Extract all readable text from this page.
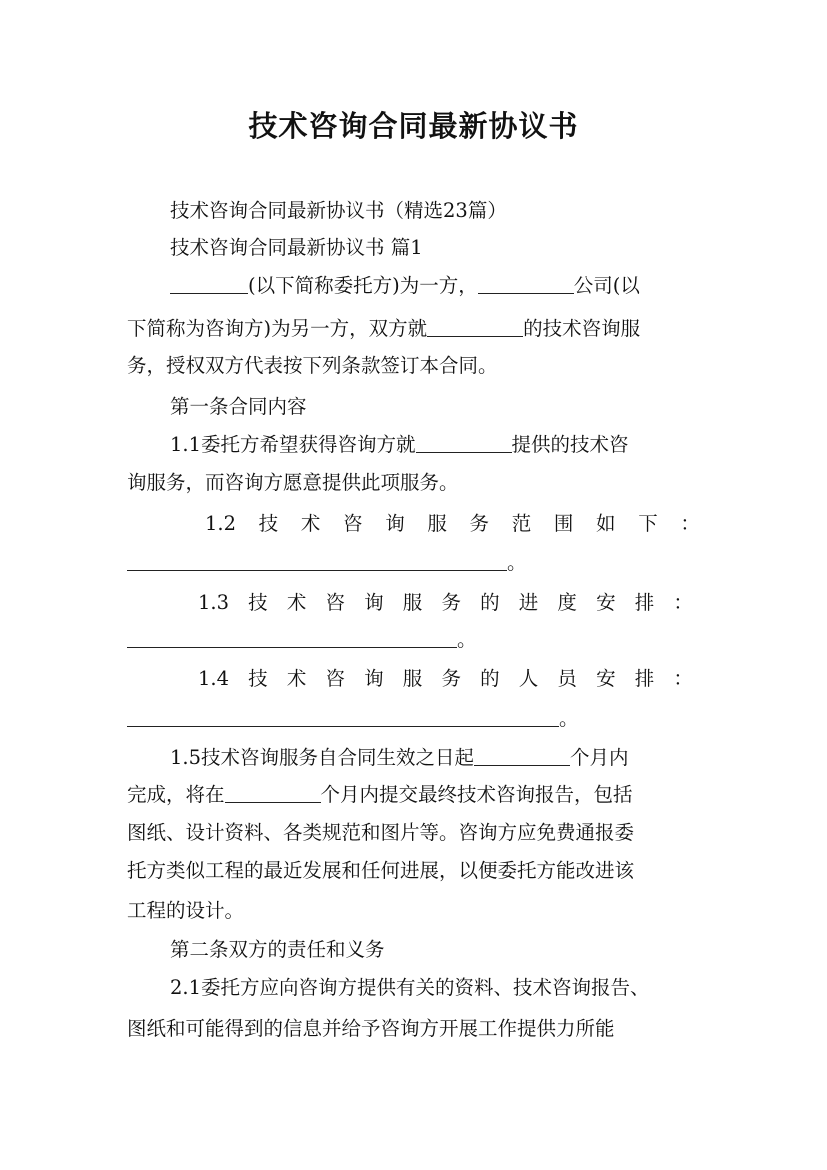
技术咨询合同最新协议书
技术咨询合同最新协议书（精选23篇）
技术咨询合同最新协议书 篇1
(以下简称委托方)为一方，	公司(以
下简称为咨询方)为另一方，双方就	的技术咨询服
务，授权双方代表按下列条款签订本合同。
第一条合同内容
1.1委托方希望获得咨询方就	提供的技术咨
询服务，而咨询方愿意提供此项服务。
1.2 技 术 咨 询 服 务 范 围 如 下 ：
。
1.3 技 术 咨 询 服 务 的 进 度 安 排 ：
。
1.4 技 术 咨 询 服 务 的 人 员 安 排 ：
。
1.5技术咨询服务自合同生效之日起	个月内
完成，将在	个月内提交最终技术咨询报告，包括
图纸、设计资料、各类规范和图片等。咨询方应免费通报委
托方类似工程的最近发展和任何进展，以便委托方能改进该
工程的设计。
第二条双方的责任和义务
2.1委托方应向咨询方提供有关的资料、技术咨询报告、
图纸和可能得到的信息并给予咨询方开展工作提供力所能
